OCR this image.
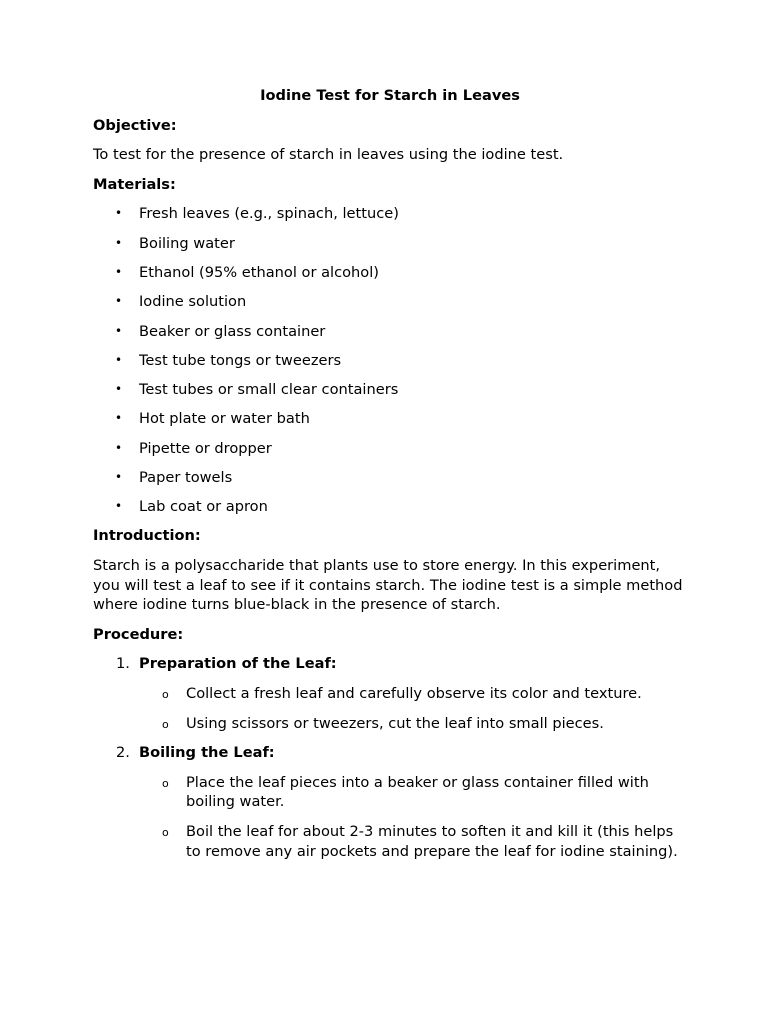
Iodine Test for Starch in Leaves
Objective:
To test for the presence of starch in leaves using the iodine test.
Materials:
• Fresh leaves (e.g., spinach, lettuce)
• Boiling water
• Ethanol (95% ethanol or alcohol)
• Iodine solution
• Beaker or glass container
• Test tube tongs or tweezers
• Test tubes or small clear containers
• Hot plate or water bath
• Pipette or dropper
• Paper towels
• Lab coat or apron
Introduction:
Starch is a polysaccharide that plants use to store energy. In this experiment, you will test a leaf to see if it contains starch. The iodine test is a simple method where iodine turns blue-black in the presence of starch.
Procedure:
1. Preparation of the Leaf:
o Collect a fresh leaf and carefully observe its color and texture.
o Using scissors or tweezers, cut the leaf into small pieces.
2. Boiling the Leaf:
o Place the leaf pieces into a beaker or glass container filled with boiling water.
o Boil the leaf for about 2-3 minutes to soften it and kill it (this helps to remove any air pockets and prepare the leaf for iodine staining).
